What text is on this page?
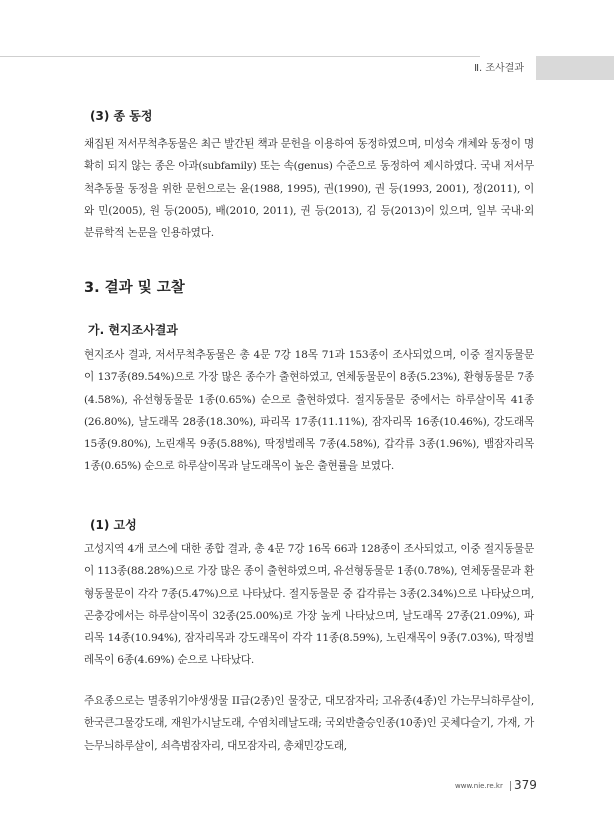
Ⅱ. 조사결과
(3) 종 동정
채집된 저서무척추동물은 최근 발간된 책과 문헌을 이용하여 동정하였으며, 미성숙 개체와 동정이 명확히 되지 않는 종은 아과(subfamily) 또는 속(genus) 수준으로 동정하여 제시하였다. 국내 저서무척추동물 동정을 위한 문헌으로는 윤(1988, 1995), 권(1990), 권 등(1993, 2001), 정(2011), 이와 민(2005), 원 등(2005), 배(2010, 2011), 권 등(2013), 김 등(2013)이 있으며, 일부 국내·외 분류학적 논문을 인용하였다.
3. 결과 및 고찰
가. 현지조사결과
현지조사 결과, 저서무척추동물은 총 4문 7강 18목 71과 153종이 조사되었으며, 이중 절지동물문이 137종(89.54%)으로 가장 많은 종수가 출현하였고, 연체동물문이 8종(5.23%), 환형동물문 7종(4.58%), 유선형동물문 1종(0.65%) 순으로 출현하였다. 절지동물문 중에서는 하루살이목 41종(26.80%), 날도래목 28종(18.30%), 파리목 17종(11.11%), 잠자리목 16종(10.46%), 강도래목 15종(9.80%), 노린재목 9종(5.88%), 딱정벌레목 7종(4.58%), 갑각류 3종(1.96%), 뱀잠자리목 1종(0.65%) 순으로 하루살이목과 날도래목이 높은 출현률을 보였다.
(1) 고성
고성지역 4개 코스에 대한 종합 결과, 총 4문 7강 16목 66과 128종이 조사되었고, 이중 절지동물문이 113종(88.28%)으로 가장 많은 종이 출현하였으며, 유선형동물문 1종(0.78%), 연체동물문과 환형동물문이 각각 7종(5.47%)으로 나타났다. 절지동물문 중 갑각류는 3종(2.34%)으로 나타났으며, 곤충강에서는 하루살이목이 32종(25.00%)로 가장 높게 나타났으며, 날도래목 27종(21.09%), 파리목 14종(10.94%), 잠자리목과 강도래목이 각각 11종(8.59%), 노린재목이 9종(7.03%), 딱정벌레목이 6종(4.69%) 순으로 나타났다.
주요종으로는 멸종위기야생생물 II급(2종)인 물장군, 대모잠자리; 고유종(4종)인 가는무늬하루살이, 한국큰그물강도래, 재원가시날도래, 수염치레날도래; 국외반출승인종(10종)인 곳체다슬기, 가재, 가는무늬하루살이, 쇠측범잠자리, 대모잠자리, 총채민강도래,
www.nie.re.kr 379
